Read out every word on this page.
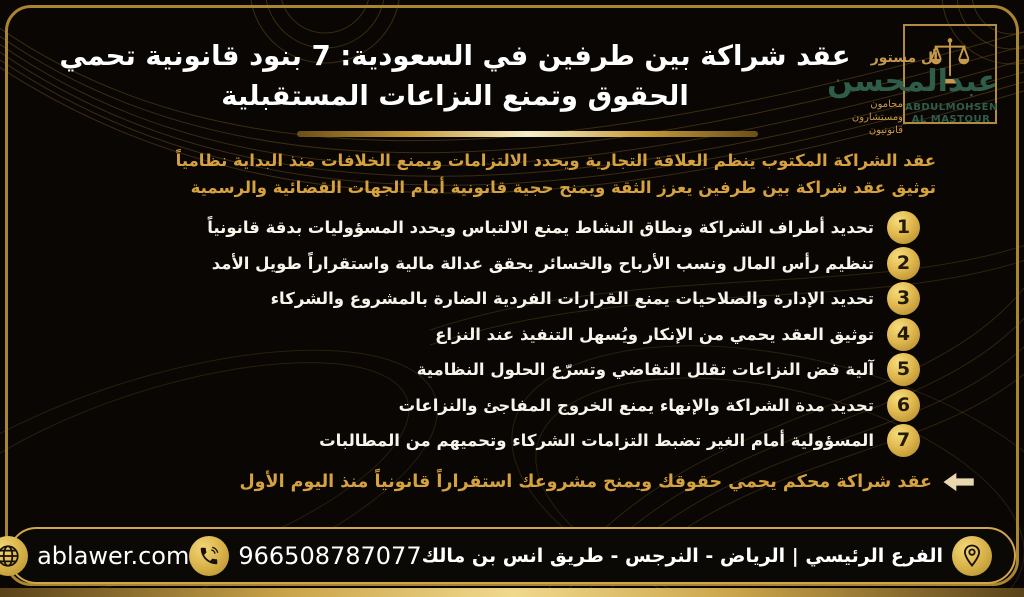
عقد شراكة بين طرفين في السعودية: 7 بنود قانونية تحمي
الحقوق وتمنع النزاعات المستقبلية
آل مستور
عبدالمحسن
ABDULMOHSEN
AL MASTOUR
محامون
ومستشارون
قانونيون
عقد الشراكة المكتوب ينظم العلاقة التجارية ويحدد الالتزامات ويمنع الخلافات منذ البداية نظامياً
توثيق عقد شراكة بين طرفين يعزز الثقة ويمنح حجية قانونية أمام الجهات القضائية والرسمية
1
تحديد أطراف الشراكة ونطاق النشاط يمنع الالتباس ويحدد المسؤوليات بدقة قانونياً
2
تنظيم رأس المال ونسب الأرباح والخسائر يحقق عدالة مالية واستقراراً طويل الأمد
3
تحديد الإدارة والصلاحيات يمنع القرارات الفردية الضارة بالمشروع والشركاء
4
توثيق العقد يحمي من الإنكار ويُسهل التنفيذ عند النزاع
5
آلية فض النزاعات تقلل التقاضي وتسرّع الحلول النظامية
6
تحديد مدة الشراكة والإنهاء يمنع الخروج المفاجئ والنزاعات
7
المسؤولية أمام الغير تضبط التزامات الشركاء وتحميهم من المطالبات
عقد شراكة محكم يحمي حقوقك ويمنح مشروعك استقراراً قانونياً منذ اليوم الأول
الفرع الرئيسي | الرياض - النرجس - طريق انس بن مالك
966508787077
ablawer.com
